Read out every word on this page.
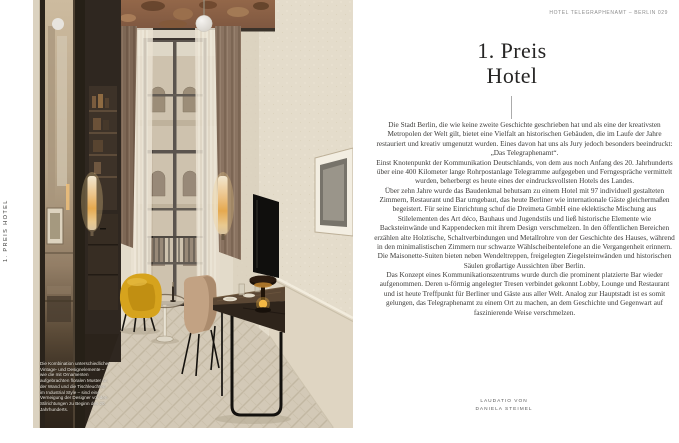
Die Kombination unterschiedlicher Vintage- und Designelemente – wie die mit Ornamenten aufgebrachten floralen Muster an der Wand und die Tischleuchten im Industrial Style – sind eine Verneigung der Designer vor den Stilrichtungen zu Beginn des 20. Jahrhunderts.
1. PREIS HOTEL
HOTEL TELEGRAPHENAMT – BERLIN 029
1. Preis
Hotel

Die Stadt Berlin, die wie keine zweite Geschichte geschrieben hat und als eine der kreativsten Metropolen der Welt gilt, bietet eine Vielfalt an historischen Gebäuden, die im Laufe der Jahre restauriert und kreativ umgenutzt wurden. Eines davon hat uns als Jury jedoch besonders beeindruckt: „Das Telegraphenamt“.

Einst Knotenpunkt der Kommunikation Deutschlands, von dem aus noch Anfang des 20. Jahrhunderts über eine 400 Kilometer lange Rohrpostanlage Telegramme aufgegeben und Ferngespräche vermittelt wurden, beherbergt es heute eines der eindrucksvollsten Hotels des Landes.

Über zehn Jahre wurde das Baudenkmal behutsam zu einem Hotel mit 97 individuell gestalteten Zimmern, Restaurant und Bar umgebaut, das heute Berliner wie internationale Gäste gleichermaßen begeistert. Für seine Einrichtung schuf die Dreimeta GmbH eine eklektische Mischung aus Stilelementen des Art déco, Bauhaus und Jugendstils und ließ historische Elemente wie Backsteinwände und Kappendecken mit ihrem Design verschmelzen. In den öffentlichen Bereichen erzählen alte Holztische, Schaltverbindungen und Metallrohre von der Geschichte des Hauses, während in den minimalistischen Zimmern nur schwarze Wählscheibentelefone an die Vergangenheit erinnern. Die Maisonette-Suiten bieten neben Wendeltreppen, freigelegten Ziegelsteinwänden und historischen Säulen großartige Aussichten über Berlin.

Das Konzept eines Kommunikationszentrums wurde durch die prominent platzierte Bar wieder aufgenommen. Deren u-förmig angelegter Tresen verbindet gekonnt Lobby, Lounge und Restaurant und ist heute Treffpunkt für Berliner und Gäste aus aller Welt. Analog zur Hauptstadt ist es somit gelungen, das Telegraphenamt zu einem Ort zu machen, an dem Geschichte und Gegenwart auf faszinierende Weise verschmelzen.

LAUDATIO VON
DANIELA STEIMEL
